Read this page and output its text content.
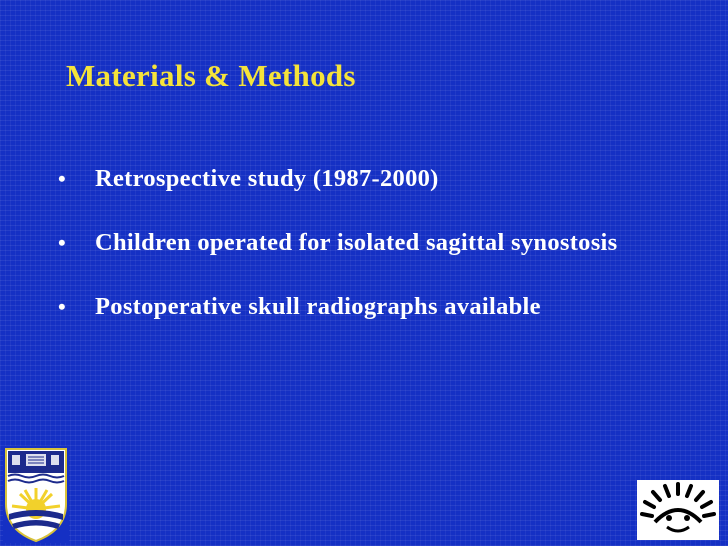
Materials & Methods
• Retrospective study (1987-2000)
• Children operated for isolated sagittal synostosis
• Postoperative skull radiographs available
